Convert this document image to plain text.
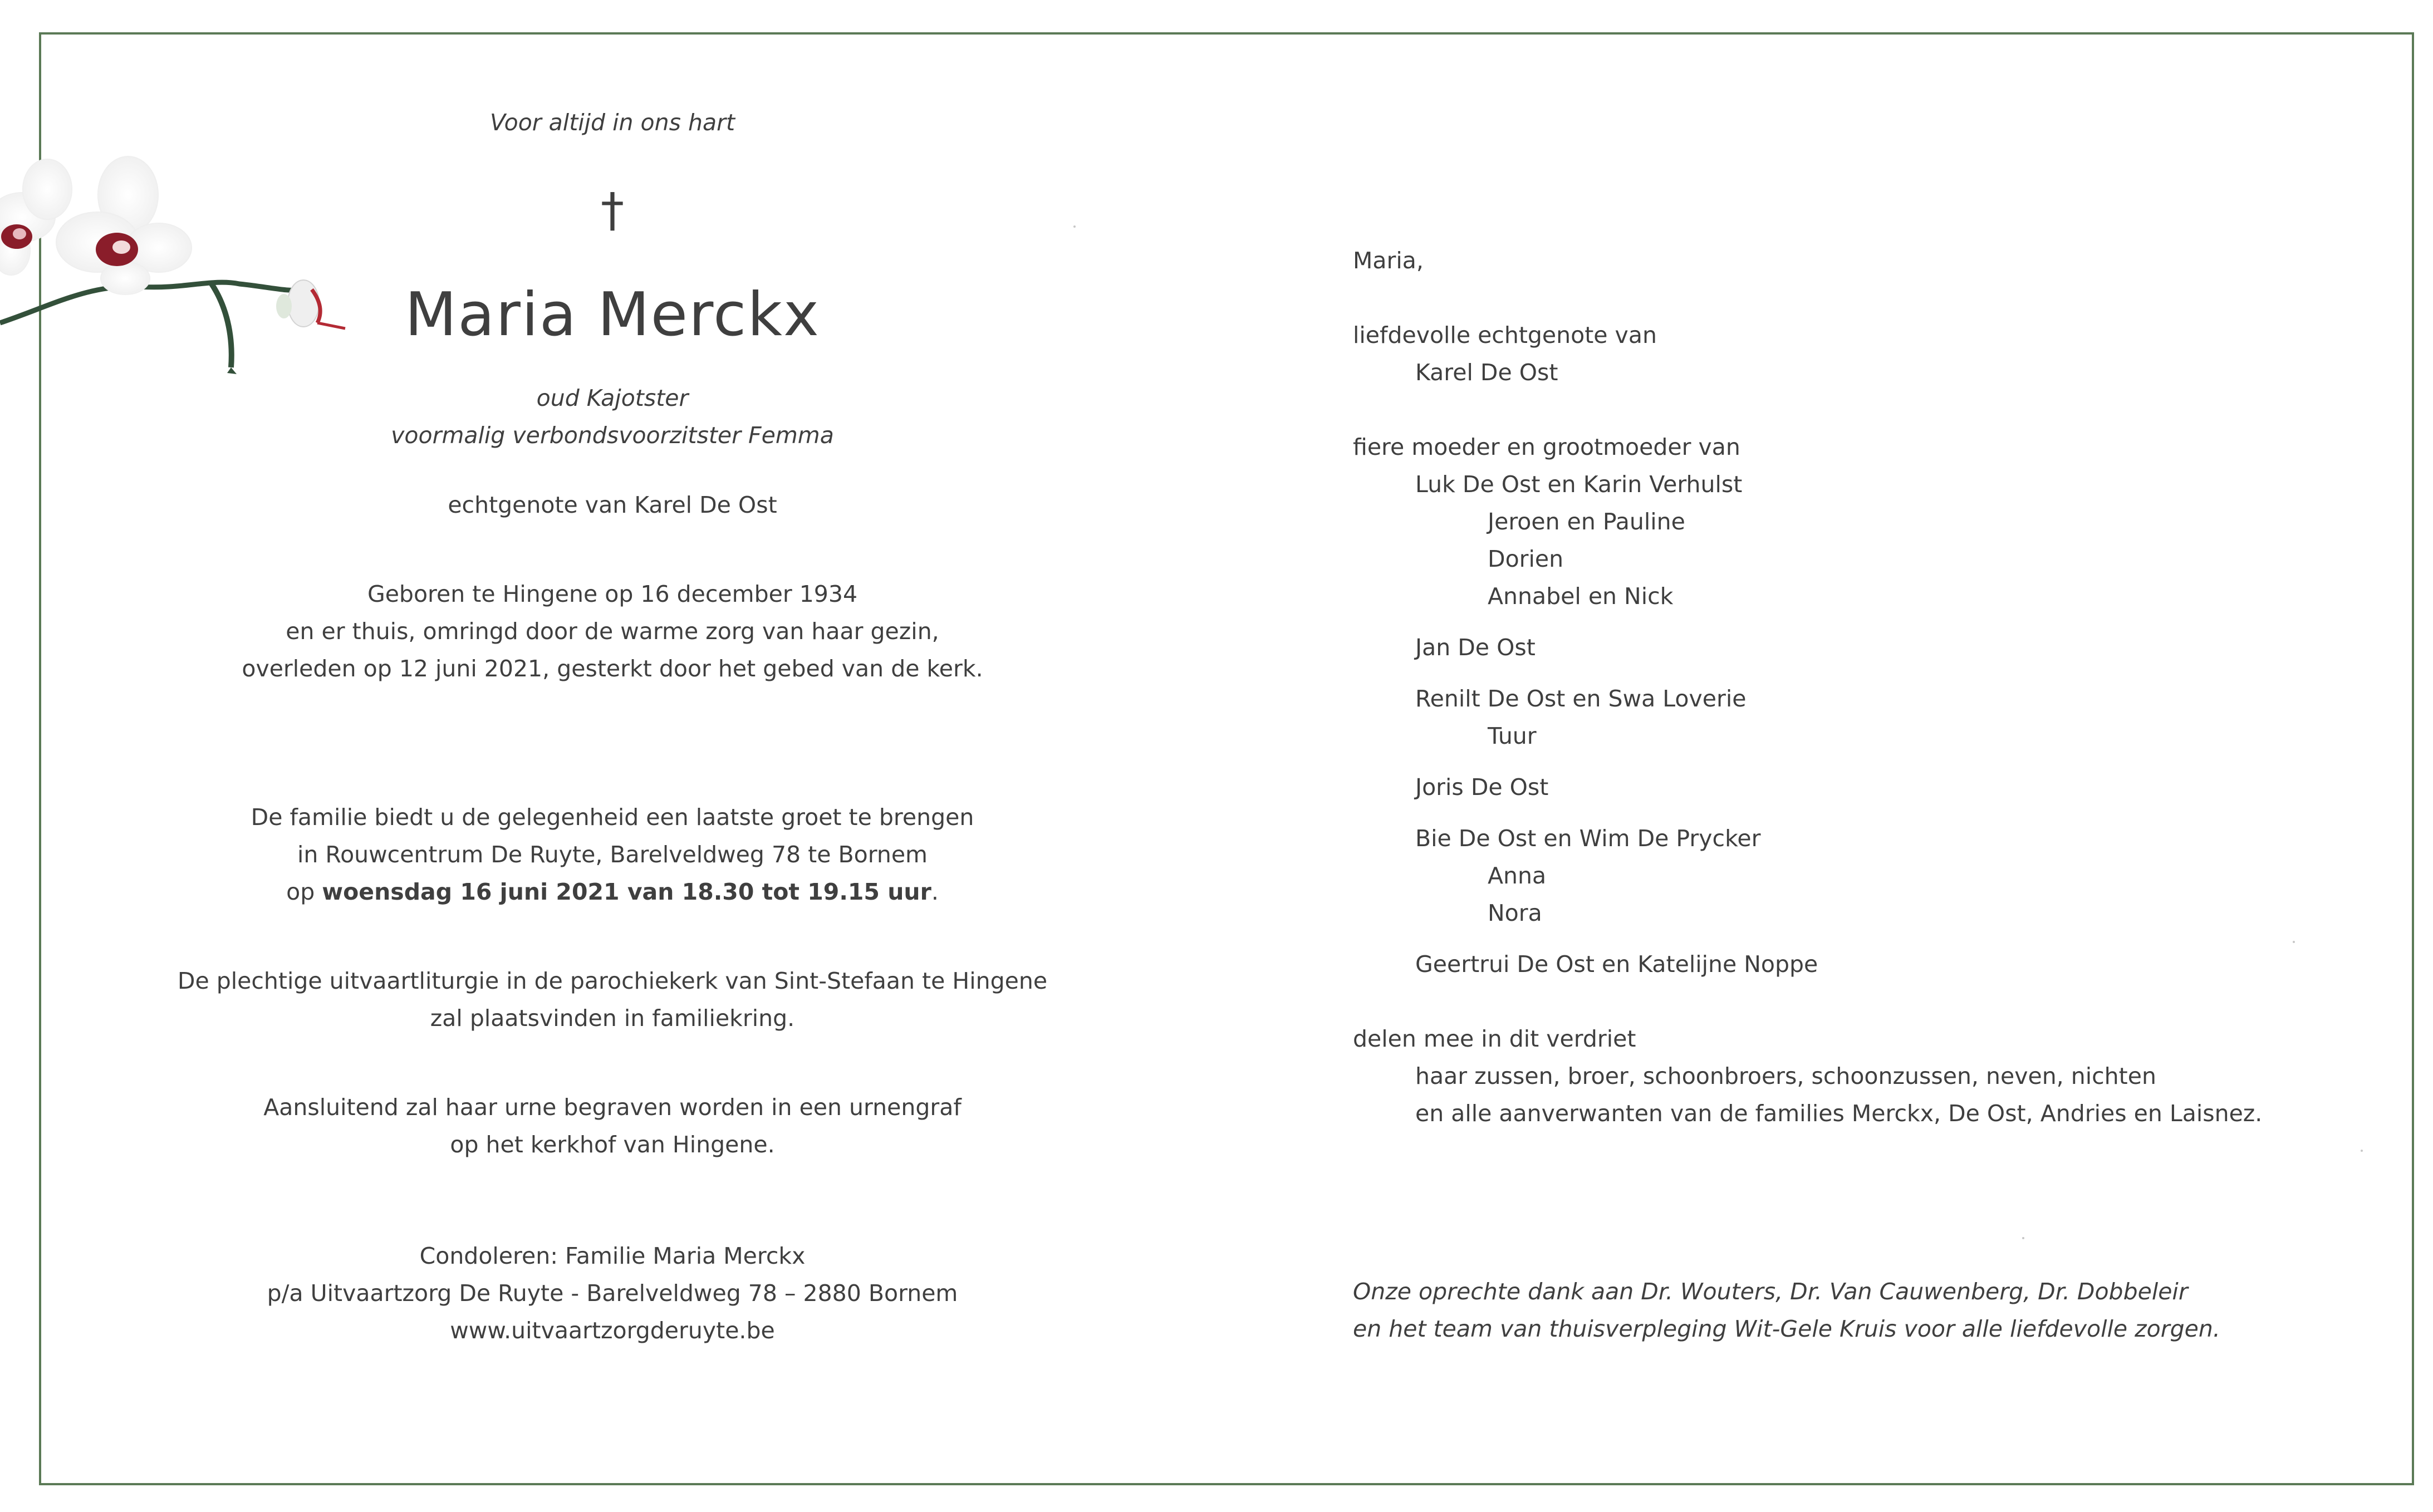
Voor altijd in ons hart
†
Maria Merckx
oud Kajotster
voormalig verbondsvoorzitster Femma
echtgenote van Karel De Ost
Geboren te Hingene op 16 december 1934
en er thuis, omringd door de warme zorg van haar gezin,
overleden op 12 juni 2021, gesterkt door het gebed van de kerk.
De familie biedt u de gelegenheid een laatste groet te brengen
in Rouwcentrum De Ruyte, Barelveldweg 78 te Bornem
op woensdag 16 juni 2021 van 18.30 tot 19.15 uur.
De plechtige uitvaartliturgie in de parochiekerk van Sint-Stefaan te Hingene
zal plaatsvinden in familiekring.
Aansluitend zal haar urne begraven worden in een urnengraf
op het kerkhof van Hingene.
Condoleren: Familie Maria Merckx
p/a Uitvaartzorg De Ruyte - Barelveldweg 78 – 2880 Bornem
www.uitvaartzorgderuyte.be
Maria,
liefdevolle echtgenote van
Karel De Ost
fiere moeder en grootmoeder van
Luk De Ost en Karin Verhulst
Jeroen en Pauline
Dorien
Annabel en Nick
Jan De Ost
Renilt De Ost en Swa Loverie
Tuur
Joris De Ost
Bie De Ost en Wim De Prycker
Anna
Nora
Geertrui De Ost en Katelijne Noppe
delen mee in dit verdriet
haar zussen, broer, schoonbroers, schoonzussen, neven, nichten
en alle aanverwanten van de families Merckx, De Ost, Andries en Laisnez.
Onze oprechte dank aan Dr. Wouters, Dr. Van Cauwenberg, Dr. Dobbeleir
en het team van thuisverpleging Wit-Gele Kruis voor alle liefdevolle zorgen.
